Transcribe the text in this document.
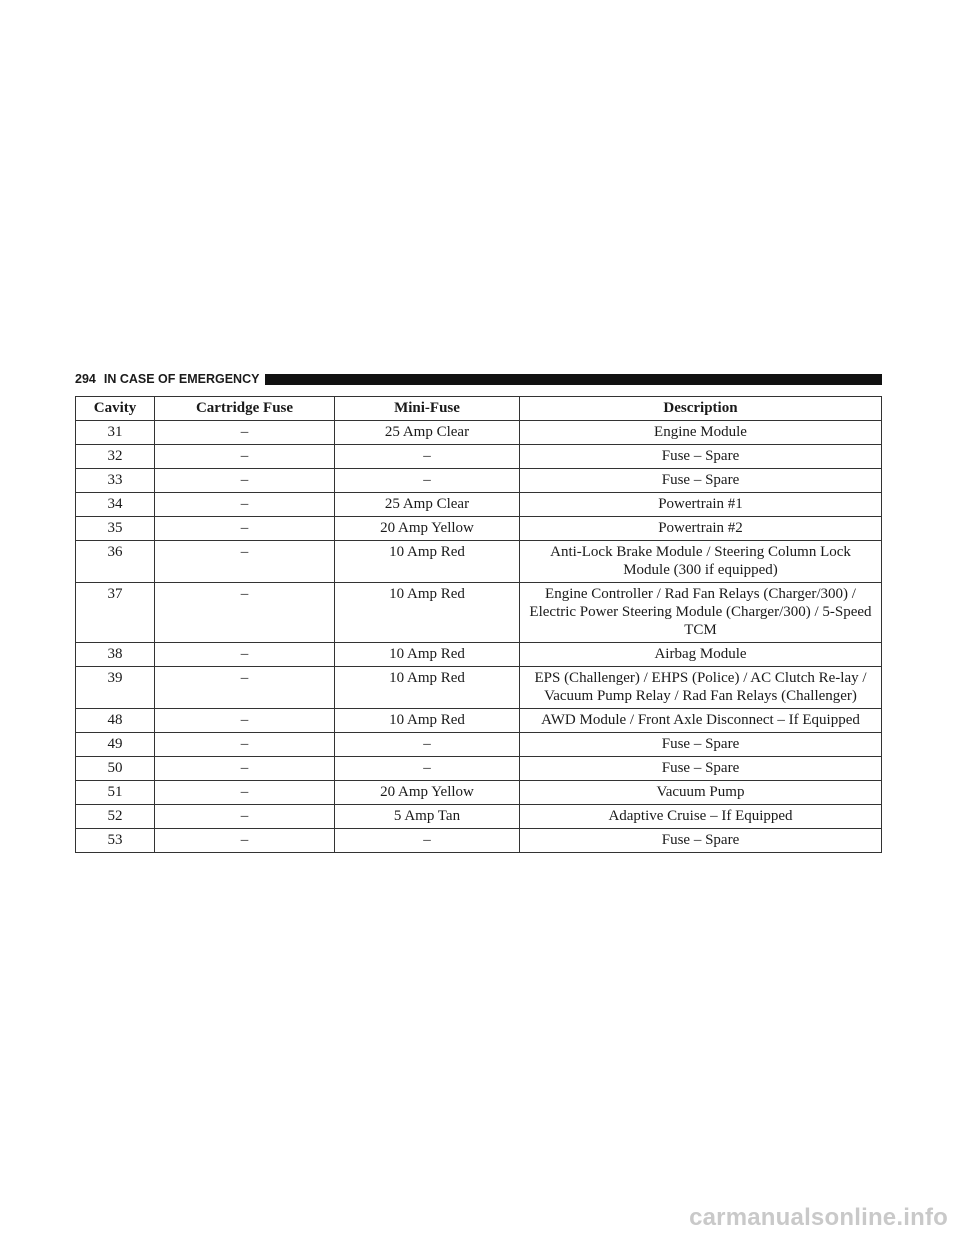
294 IN CASE OF EMERGENCY
Cavity	Cartridge Fuse	Mini-Fuse	Description
31	–	25 Amp Clear	Engine Module
32	–	–	Fuse – Spare
33	–	–	Fuse – Spare
34	–	25 Amp Clear	Powertrain #1
35	–	20 Amp Yellow	Powertrain #2
36	–	10 Amp Red	Anti-Lock Brake Module / Steering Column Lock Module (300 if equipped)
37	–	10 Amp Red	Engine Controller / Rad Fan Relays (Charger/300) / Electric Power Steering Module (Charger/300) / 5-Speed TCM
38	–	10 Amp Red	Airbag Module
39	–	10 Amp Red	EPS (Challenger) / EHPS (Police) / AC Clutch Re-lay / Vacuum Pump Relay / Rad Fan Relays (Challenger)
48	–	10 Amp Red	AWD Module / Front Axle Disconnect – If Equipped
49	–	–	Fuse – Spare
50	–	–	Fuse – Spare
51	–	20 Amp Yellow	Vacuum Pump
52	–	5 Amp Tan	Adaptive Cruise – If Equipped
53	–	–	Fuse – Spare
carmanualsonline.info
